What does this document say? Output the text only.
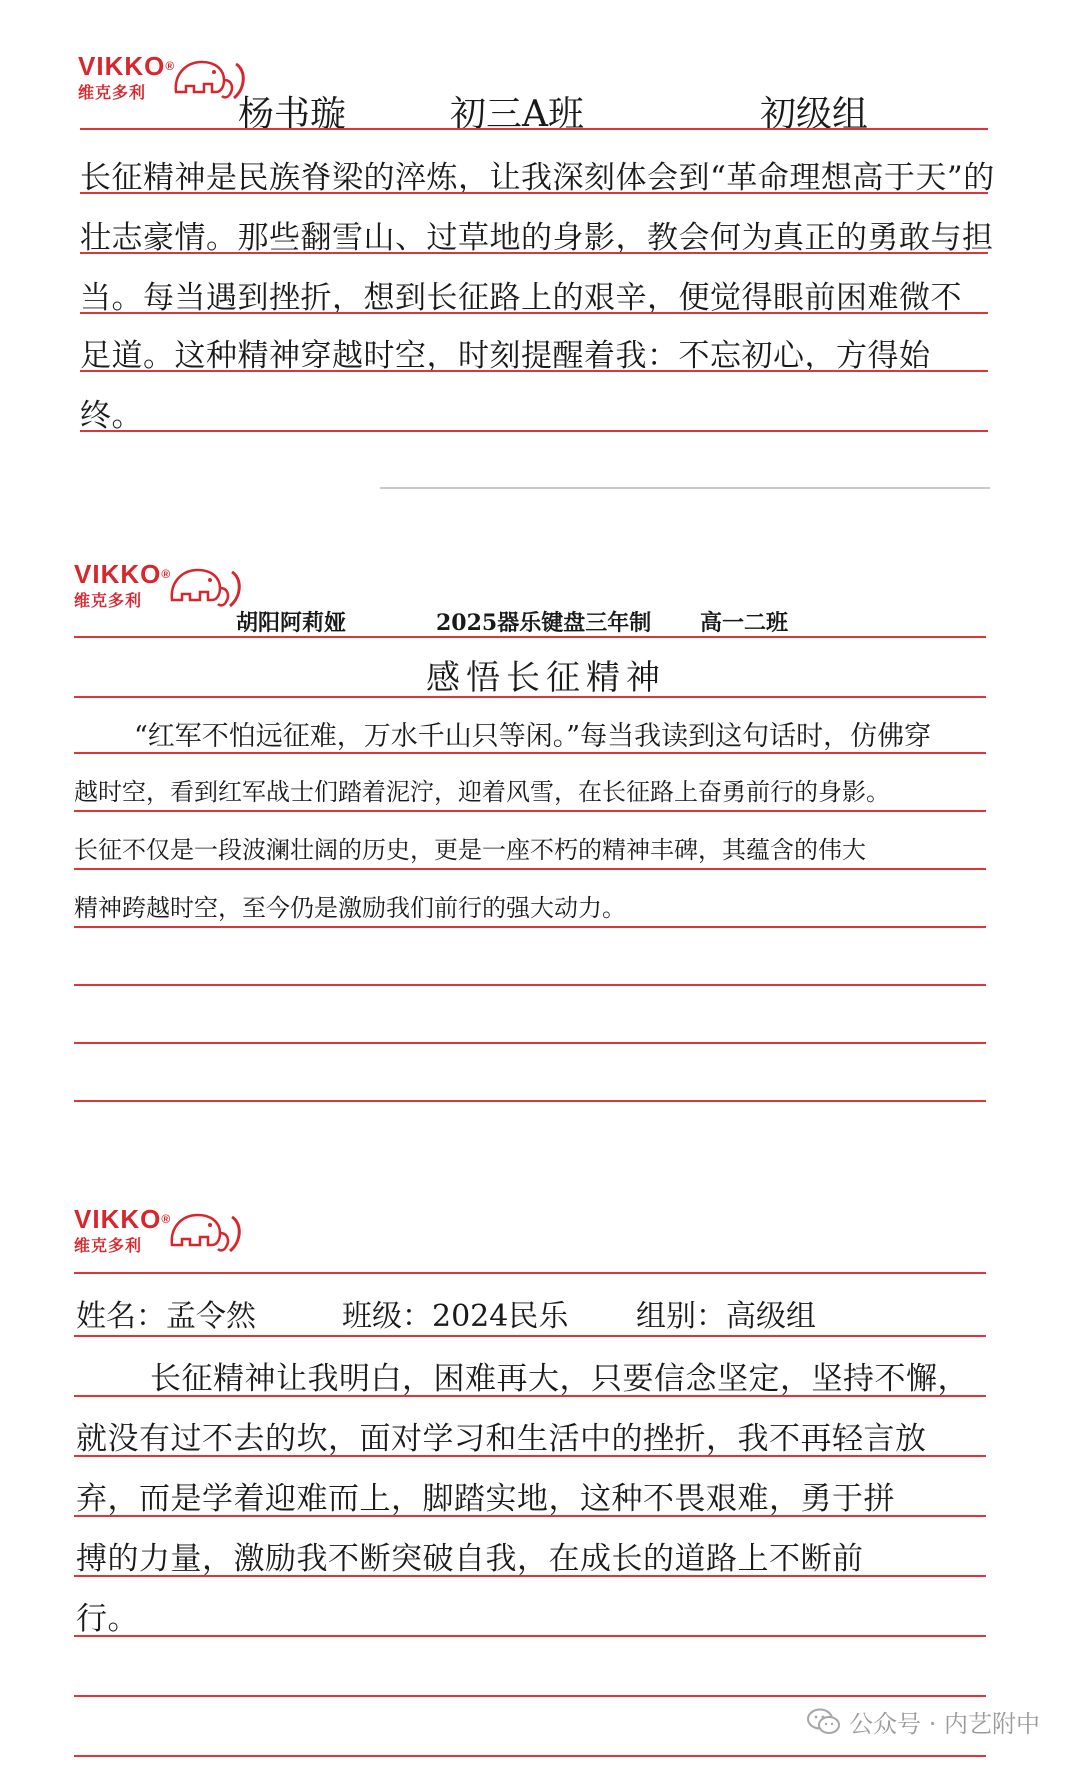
VIKKO®
维克多利
杨书璇	初三A班	初级组
长征精神是民族脊梁的淬炼，让我深刻体会到“革命理想高于天”的
壮志豪情。那些翻雪山、过草地的身影，教会何为真正的勇敢与担
当。每当遇到挫折，想到长征路上的艰辛，便觉得眼前困难微不
足道。这种精神穿越时空，时刻提醒着我：不忘初心，方得始
终。
VIKKO®
维克多利
胡阳阿莉娅	2025器乐键盘三年制 高一二班
感悟长征精神
“红军不怕远征难，万水千山只等闲。”每当我读到这句话时，仿佛穿
越时空，看到红军战士们踏着泥泞，迎着风雪，在长征路上奋勇前行的身影。
长征不仅是一段波澜壮阔的历史，更是一座不朽的精神丰碑，其蕴含的伟大
精神跨越时空，至今仍是激励我们前行的强大动力。
VIKKO®
维克多利
姓名：孟令然	班级：2024民乐 组别：高级组
长征精神让我明白，困难再大，只要信念坚定，坚持不懈，
就没有过不去的坎，面对学习和生活中的挫折，我不再轻言放
弃，而是学着迎难而上，脚踏实地，这种不畏艰难，勇于拼
搏的力量，激励我不断突破自我，在成长的道路上不断前
行。
公众号 · 内艺附中
